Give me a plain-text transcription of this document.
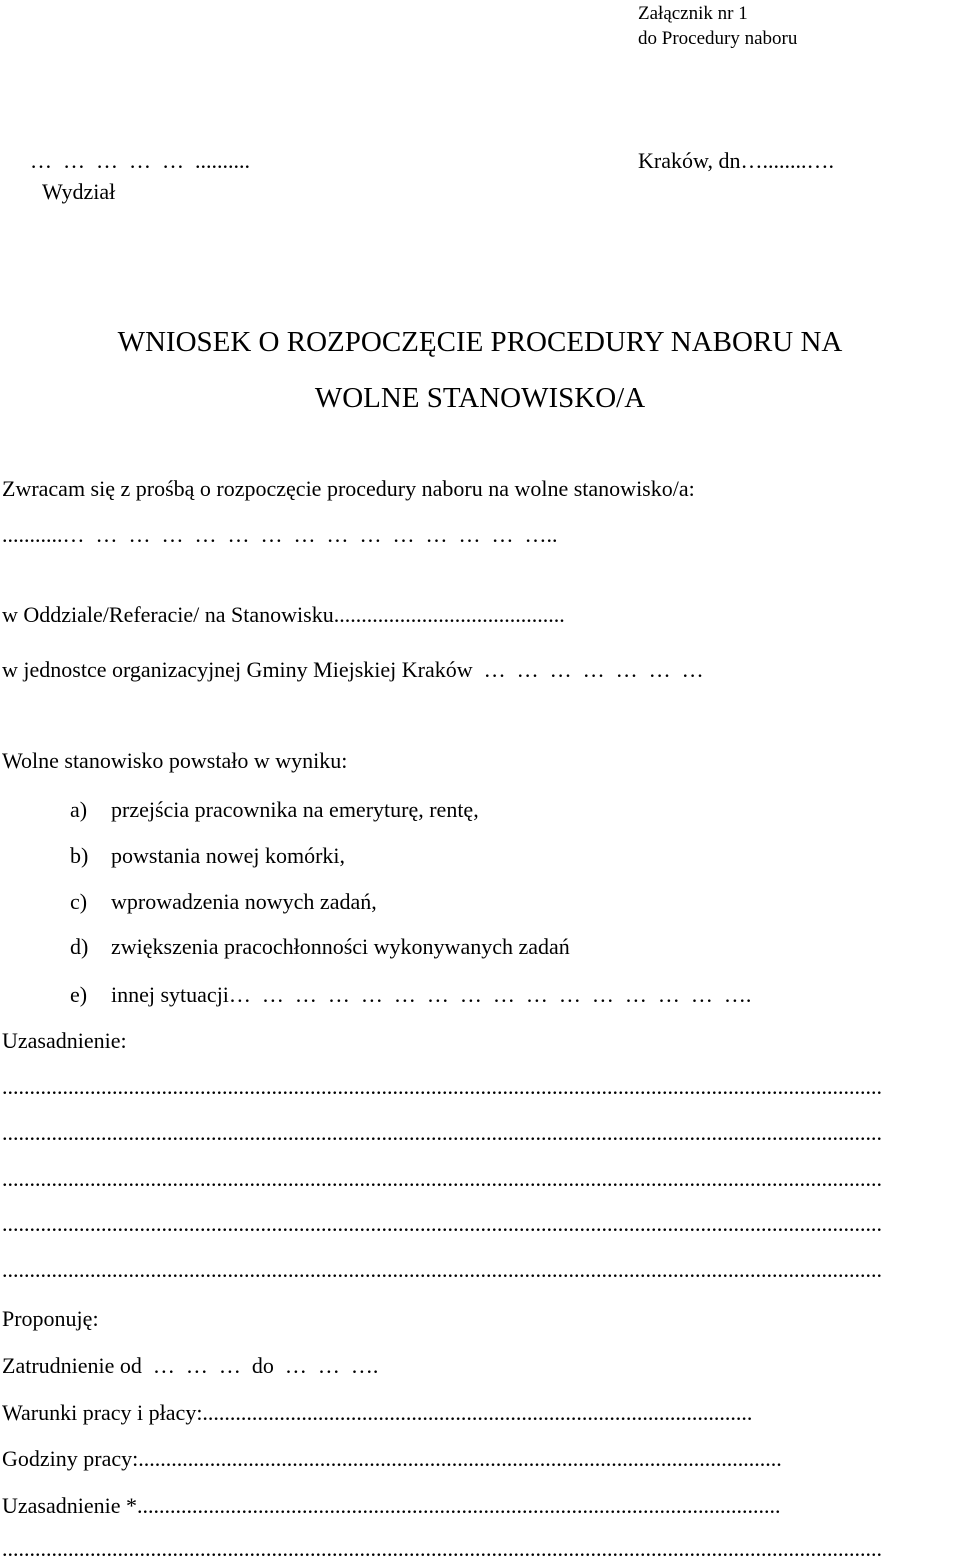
Załącznik nr 1
do Procedury naboru
…  …  …  …  …  ..........
Wydział
Kraków, dn…........….
WNIOSEK O ROZPOCZĘCIE PROCEDURY NABORU NA
WOLNE STANOWISKO/A
Zwracam się z prośbą o rozpoczęcie procedury naboru na wolne stanowisko/a:
...........…  …  …  …  …  …  …  …  …  …  …  …  …  …  …..
w Oddziale/Referacie/ na Stanowisku..........................................
w jednostce organizacyjnej Gminy Miejskiej Kraków  …  …  …  …  …  …  …
Wolne stanowisko powstało w wyniku:
a) przejścia pracownika na emeryturę, rentę,
b) powstania nowej komórki,
c) wprowadzenia nowych zadań,
d) zwiększenia pracochłonności wykonywanych zadań
e) innej sytuacji…  …  …  …  …  …  …  …  …  …  …  …  …  …  …  ….
Uzasadnienie:
................................................................................................................................................................
................................................................................................................................................................
................................................................................................................................................................
................................................................................................................................................................
................................................................................................................................................................
Proponuję:
Zatrudnienie od  …  …  …  do  …  …  ….
Warunki pracy i płacy:....................................................................................................
Godziny pracy:.....................................................................................................................
Uzasadnienie *.....................................................................................................................
................................................................................................................................................................
